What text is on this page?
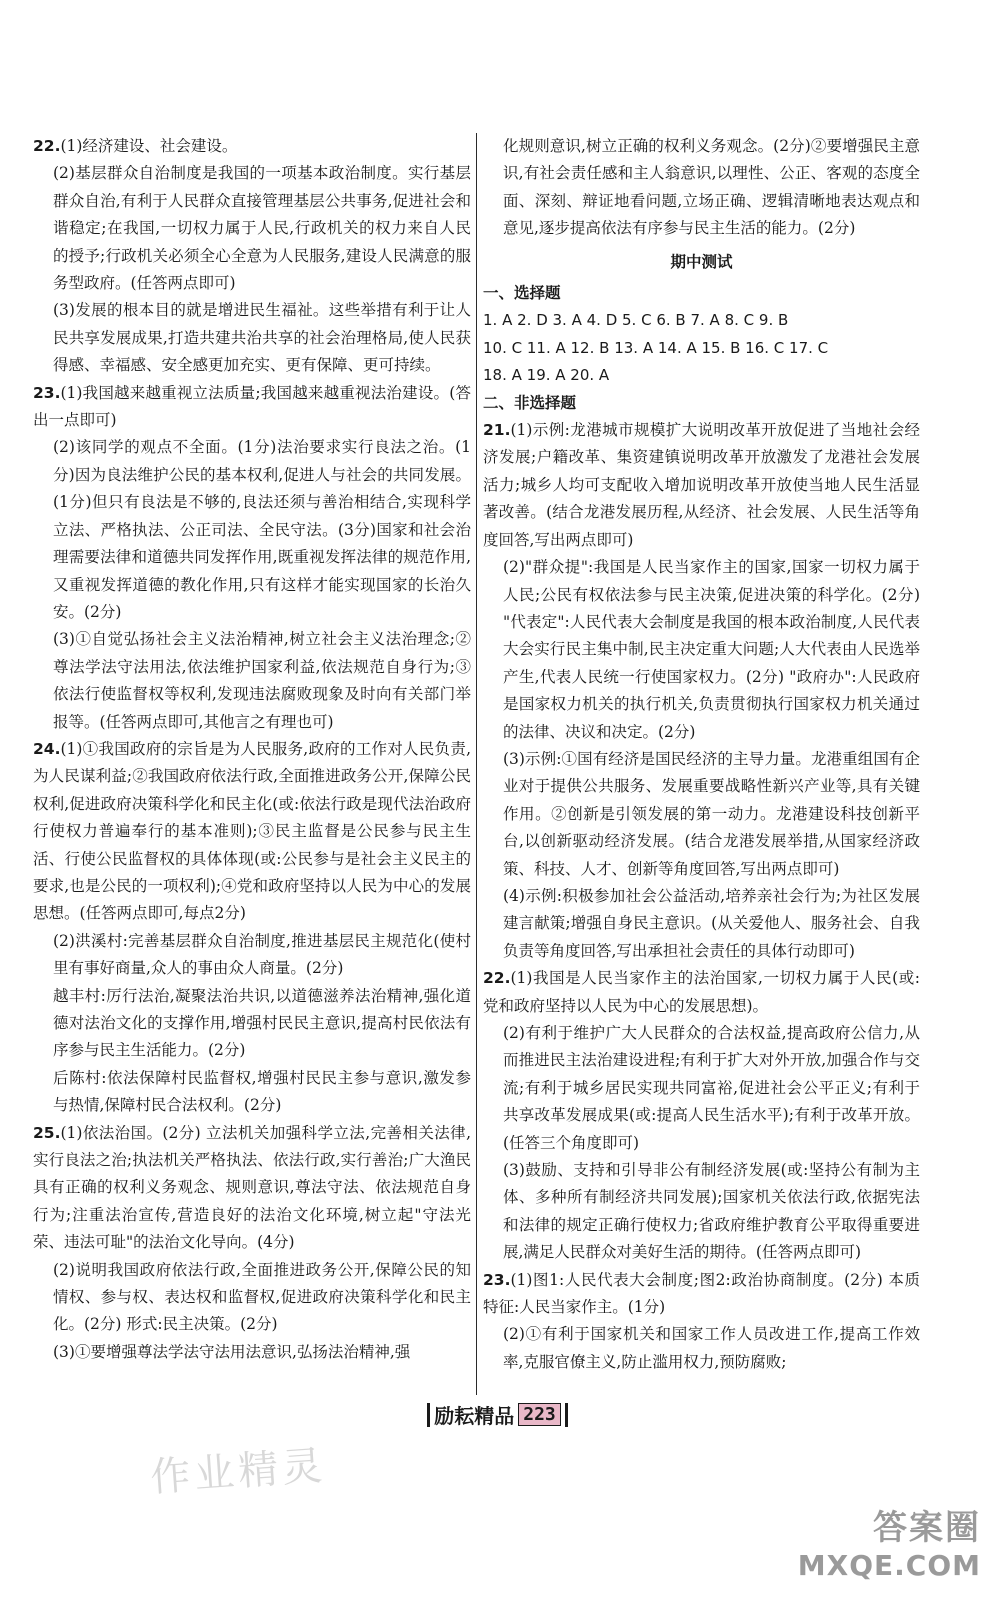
22.(1)经济建设、社会建设。

(2)基层群众自治制度是我国的一项基本政治制度。实行基层群众自治,有利于人民群众直接管理基层公共事务,促进社会和谐稳定;在我国,一切权力属于人民,行政机关的权力来自人民的授予;行政机关必须全心全意为人民服务,建设人民满意的服务型政府。(任答两点即可)

(3)发展的根本目的就是增进民生福祉。这些举措有利于让人民共享发展成果,打造共建共治共享的社会治理格局,使人民获得感、幸福感、安全感更加充实、更有保障、更可持续。

23.(1)我国越来越重视立法质量;我国越来越重视法治建设。(答出一点即可)

(2)该同学的观点不全面。(1分)法治要求实行良法之治。(1分)因为良法维护公民的基本权利,促进人与社会的共同发展。(1分)但只有良法是不够的,良法还须与善治相结合,实现科学立法、严格执法、公正司法、全民守法。(3分)国家和社会治理需要法律和道德共同发挥作用,既重视发挥法律的规范作用,又重视发挥道德的教化作用,只有这样才能实现国家的长治久安。(2分)

(3)①自觉弘扬社会主义法治精神,树立社会主义法治理念;②尊法学法守法用法,依法维护国家利益,依法规范自身行为;③依法行使监督权等权利,发现违法腐败现象及时向有关部门举报等。(任答两点即可,其他言之有理也可)

24.(1)①我国政府的宗旨是为人民服务,政府的工作对人民负责,为人民谋利益;②我国政府依法行政,全面推进政务公开,保障公民权利,促进政府决策科学化和民主化(或:依法行政是现代法治政府行使权力普遍奉行的基本准则);③民主监督是公民参与民主生活、行使公民监督权的具体体现(或:公民参与是社会主义民主的要求,也是公民的一项权利);④党和政府坚持以人民为中心的发展思想。(任答两点即可,每点2分)

(2)洪溪村:完善基层群众自治制度,推进基层民主规范化(使村里有事好商量,众人的事由众人商量。(2分)

越丰村:厉行法治,凝聚法治共识,以道德滋养法治精神,强化道德对法治文化的支撑作用,增强村民民主意识,提高村民依法有序参与民主生活能力。(2分)

后陈村:依法保障村民监督权,增强村民民主参与意识,激发参与热情,保障村民合法权利。(2分)

25.(1)依法治国。(2分) 立法机关加强科学立法,完善相关法律,实行良法之治;执法机关严格执法、依法行政,实行善治;广大渔民具有正确的权利义务观念、规则意识,尊法守法、依法规范自身行为;注重法治宣传,营造良好的法治文化环境,树立起"守法光荣、违法可耻"的法治文化导向。(4分)

(2)说明我国政府依法行政,全面推进政务公开,保障公民的知情权、参与权、表达权和监督权,促进政府决策科学化和民主化。(2分) 形式:民主决策。(2分)

(3)①要增强尊法学法守法用法意识,弘扬法治精神,强

化规则意识,树立正确的权利义务观念。(2分)②要增强民主意识,有社会责任感和主人翁意识,以理性、公正、客观的态度全面、深刻、辩证地看问题,立场正确、逻辑清晰地表达观点和意见,逐步提高依法有序参与民主生活的能力。(2分)

期中测试

一、选择题

1. A 2. D 3. A 4. D 5. C 6. B 7. A 8. C 9. B

10. C 11. A 12. B 13. A 14. A 15. B 16. C 17. C

18. A 19. A 20. A

二、非选择题

21.(1)示例:龙港城市规模扩大说明改革开放促进了当地社会经济发展;户籍改革、集资建镇说明改革开放激发了龙港社会发展活力;城乡人均可支配收入增加说明改革开放使当地人民生活显著改善。(结合龙港发展历程,从经济、社会发展、人民生活等角度回答,写出两点即可)

(2)"群众提":我国是人民当家作主的国家,国家一切权力属于人民;公民有权依法参与民主决策,促进决策的科学化。(2分) "代表定":人民代表大会制度是我国的根本政治制度,人民代表大会实行民主集中制,民主决定重大问题;人大代表由人民选举产生,代表人民统一行使国家权力。(2分) "政府办":人民政府是国家权力机关的执行机关,负责贯彻执行国家权力机关通过的法律、决议和决定。(2分)

(3)示例:①国有经济是国民经济的主导力量。龙港重组国有企业对于提供公共服务、发展重要战略性新兴产业等,具有关键作用。②创新是引领发展的第一动力。龙港建设科技创新平台,以创新驱动经济发展。(结合龙港发展举措,从国家经济政策、科技、人才、创新等角度回答,写出两点即可)

(4)示例:积极参加社会公益活动,培养亲社会行为;为社区发展建言献策;增强自身民主意识。(从关爱他人、服务社会、自我负责等角度回答,写出承担社会责任的具体行动即可)

22.(1)我国是人民当家作主的法治国家,一切权力属于人民(或:党和政府坚持以人民为中心的发展思想)。

(2)有利于维护广大人民群众的合法权益,提高政府公信力,从而推进民主法治建设进程;有利于扩大对外开放,加强合作与交流;有利于城乡居民实现共同富裕,促进社会公平正义;有利于共享改革发展成果(或:提高人民生活水平);有利于改革开放。(任答三个角度即可)

(3)鼓励、支持和引导非公有制经济发展(或:坚持公有制为主体、多种所有制经济共同发展);国家机关依法行政,依据宪法和法律的规定正确行使权力;省政府维护教育公平取得重要进展,满足人民群众对美好生活的期待。(任答两点即可)

23.(1)图1:人民代表大会制度;图2:政治协商制度。(2分) 本质特征:人民当家作主。(1分)

(2)①有利于国家机关和国家工作人员改进工作,提高工作效率,克服官僚主义,防止滥用权力,预防腐败;

励耘精品 223
作业精灵
答案圈
MXQE.COM
